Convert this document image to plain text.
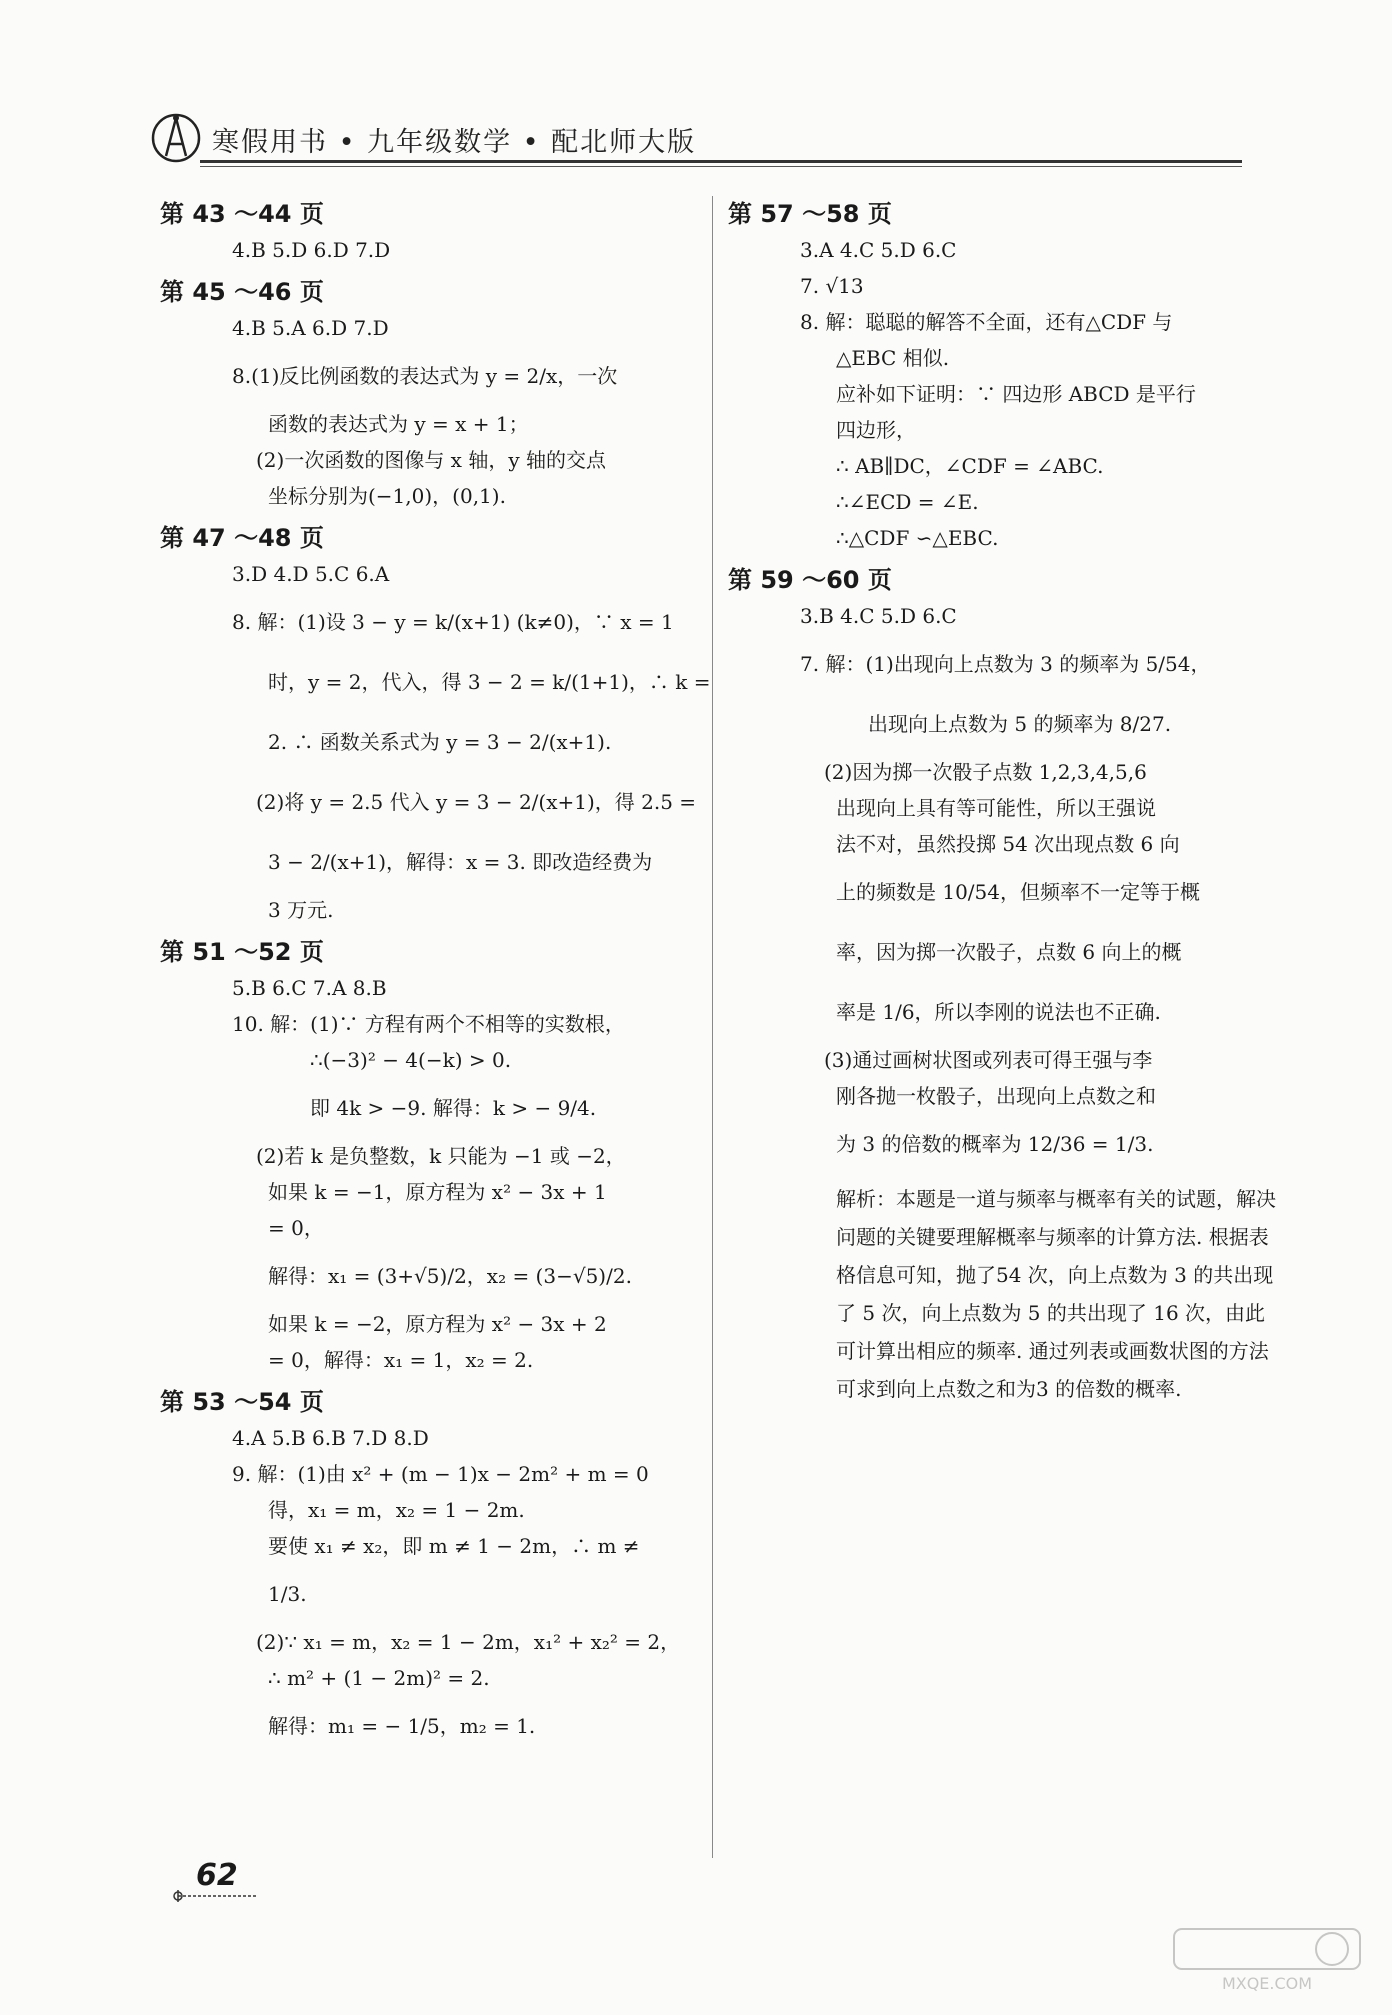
寒假用书 • 九年级数学 • 配北师大版
第 43 ～44 页
4.B 5.D 6.D 7.D
第 45 ～46 页
4.B 5.A 6.D 7.D
8.(1)反比例函数的表达式为 y = 2/x，一次
函数的表达式为 y = x + 1；
(2)一次函数的图像与 x 轴，y 轴的交点
坐标分别为(−1,0)，(0,1).
第 47 ～48 页
3.D 4.D 5.C 6.A
8. 解：(1)设 3 − y = k/(x+1) (k≠0)，∵ x = 1
时，y = 2，代入，得 3 − 2 = k/(1+1)，∴ k =
2. ∴ 函数关系式为 y = 3 − 2/(x+1).
(2)将 y = 2.5 代入 y = 3 − 2/(x+1)，得 2.5 =
3 − 2/(x+1)，解得：x = 3. 即改造经费为
3 万元.
第 51 ～52 页
5.B 6.C 7.A 8.B
10. 解：(1)∵ 方程有两个不相等的实数根，
∴(−3)² − 4(−k) > 0.
即 4k > −9. 解得：k > − 9/4.
(2)若 k 是负整数，k 只能为 −1 或 −2，
如果 k = −1，原方程为 x² − 3x + 1
= 0，
解得：x₁ = (3+√5)/2，x₂ = (3−√5)/2.
如果 k = −2，原方程为 x² − 3x + 2
= 0，解得：x₁ = 1，x₂ = 2.
第 53 ～54 页
4.A 5.B 6.B 7.D 8.D
9. 解：(1)由 x² + (m − 1)x − 2m² + m = 0
得，x₁ = m，x₂ = 1 − 2m.
要使 x₁ ≠ x₂，即 m ≠ 1 − 2m，∴ m ≠
1/3.
(2)∵ x₁ = m，x₂ = 1 − 2m，x₁² + x₂² = 2，
∴ m² + (1 − 2m)² = 2.
解得：m₁ = − 1/5，m₂ = 1.
第 57 ～58 页
3.A 4.C 5.D 6.C
7. √13
8. 解：聪聪的解答不全面，还有△CDF 与
△EBC 相似.
应补如下证明：∵ 四边形 ABCD 是平行
四边形，
∴ AB∥DC，∠CDF = ∠ABC.
∴∠ECD = ∠E.
∴△CDF ∽△EBC.
第 59 ～60 页
3.B 4.C 5.D 6.C
7. 解：(1)出现向上点数为 3 的频率为 5/54，
出现向上点数为 5 的频率为 8/27.
(2)因为掷一次骰子点数 1,2,3,4,5,6
出现向上具有等可能性，所以王强说
法不对，虽然投掷 54 次出现点数 6 向
上的频数是 10/54，但频率不一定等于概
率，因为掷一次骰子，点数 6 向上的概
率是 1/6，所以李刚的说法也不正确.
(3)通过画树状图或列表可得王强与李
刚各抛一枚骰子，出现向上点数之和
为 3 的倍数的概率为 12/36 = 1/3.
解析：本题是一道与频率与概率有关的试题，解决问题的关键要理解概率与频率的计算方法. 根据表格信息可知，抛了54 次，向上点数为 3 的共出现了 5 次，向上点数为 5 的共出现了 16 次，由此可计算出相应的频率. 通过列表或画数状图的方法可求到向上点数之和为3 的倍数的概率.
62
MXQE.COM
